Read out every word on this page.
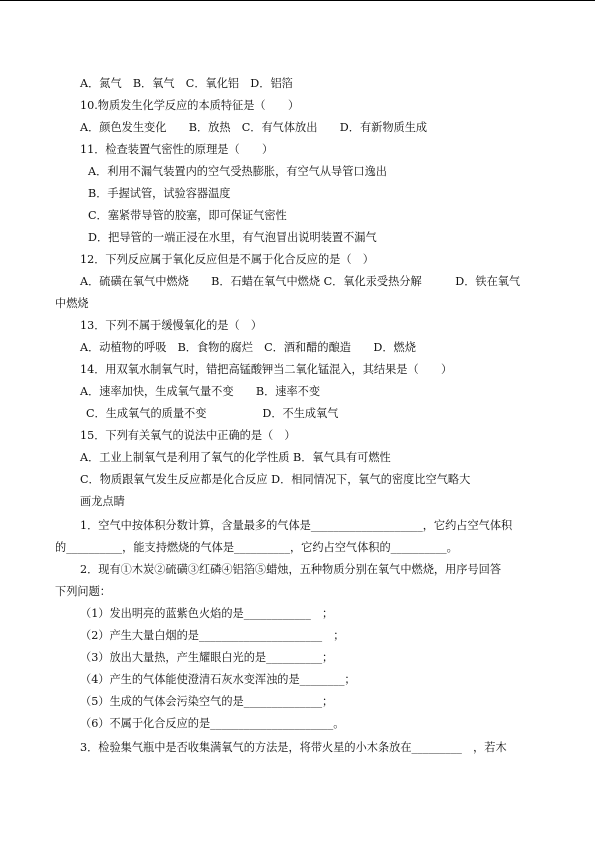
A．氮气　B．氧气　C．氧化铝　D．铝箔
10.物质发生化学反应的本质特征是（　　）
A．颜色发生变化　　B．放热　C．有气体放出　　D．有新物质生成
11．检查装置气密性的原理是（　　）
A．利用不漏气装置内的空气受热膨胀，有空气从导管口逸出
B．手握试管，试验容器温度
C．塞紧带导管的胶塞，即可保证气密性
D．把导管的一端正浸在水里，有气泡冒出说明装置不漏气
12．下列反应属于氧化反应但是不属于化合反应的是（　）
A．硫磺在氧气中燃烧　　B．石蜡在氧气中燃烧 C．氧化汞受热分解　　　D．铁在氧气
中燃烧
13．下列不属于缓慢氧化的是（　）
A．动植物的呼吸　B．食物的腐烂　C．酒和醋的酿造　　D．燃烧
14．用双氧水制氧气时，错把高锰酸钾当二氧化锰混入，其结果是（　　）
A．速率加快，生成氧气量不变　　B．速率不变
C．生成氧气的质量不变　　　　　D．不生成氧气
15．下列有关氧气的说法中正确的是（　）
A．工业上制氧气是利用了氧气的化学性质 B．氧气具有可燃性
C．物质跟氧气发生反应都是化合反应 D．相同情况下，氧气的密度比空气略大
画龙点睛
1．空气中按体积分数计算，含量最多的气体是____________________，它约占空气体积
的__________，能支持燃烧的气体是__________，它约占空气体积的__________。
2．现有①木炭②硫磺③红磷④铝箔⑤蜡烛，五种物质分别在氧气中燃烧，用序号回答
下列问题：
（1）发出明亮的蓝紫色火焰的是____________　；
（2）产生大量白烟的是______________________　；
（3）放出大量热，产生耀眼白光的是__________；
（4）产生的气体能使澄清石灰水变浑浊的是________；
（5）生成的气体会污染空气的是______________；
（6）不属于化合反应的是______________________。
3．检验集气瓶中是否收集满氧气的方法是，将带火星的小木条放在_________　，若木
